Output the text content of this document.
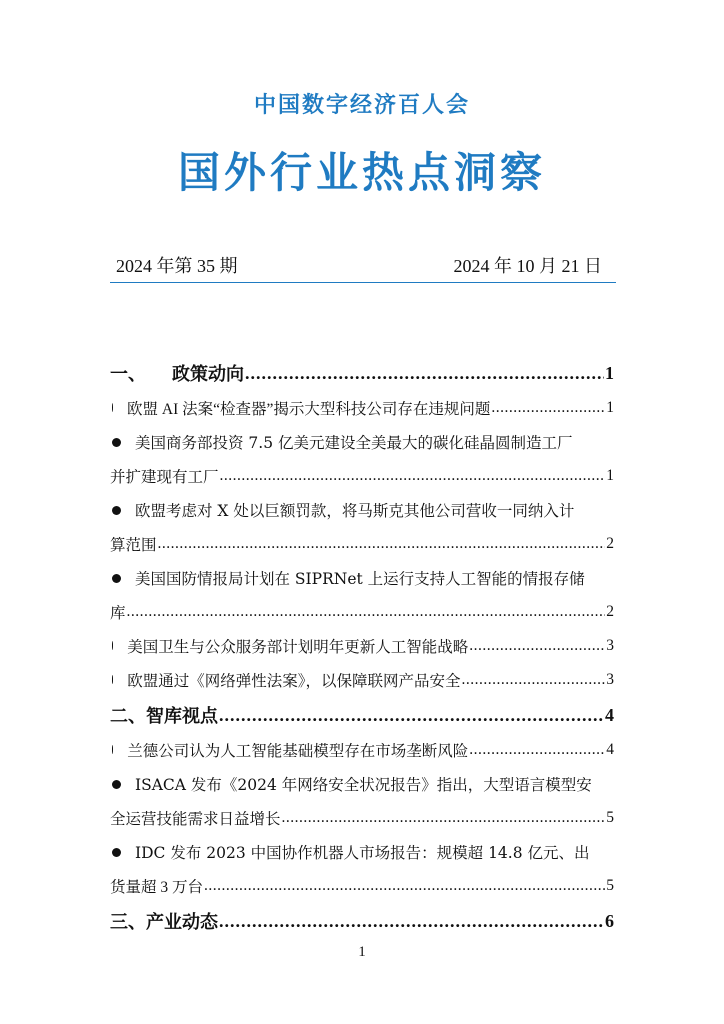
中国数字经济百人会
国外行业热点洞察
2024 年第 35 期	2024 年 10 月 21 日
一、 政策动向 .....	1
欧盟 AI 法案“检查器”揭示大型科技公司存在违规问题 .....	1
美国商务部投资 7.5 亿美元建设全美最大的碳化硅晶圆制造工厂
并扩建现有工厂 .....	1
欧盟考虑对 X 处以巨额罚款，将马斯克其他公司营收一同纳入计
算范围 .....	2
美国国防情报局计划在 SIPRNet 上运行支持人工智能的情报存储
库 .....	2
美国卫生与公众服务部计划明年更新人工智能战略 .....	3
欧盟通过《网络弹性法案》，以保障联网产品安全 .....	3
二、智库视点 .....	4
兰德公司认为人工智能基础模型存在市场垄断风险 .....	4
ISACA 发布《2024 年网络安全状况报告》指出，大型语言模型安
全运营技能需求日益增长 .....	5
IDC 发布 2023 中国协作机器人市场报告：规模超 14.8 亿元、出
货量超 3 万台 .....	5
三、产业动态 .....	6
1
